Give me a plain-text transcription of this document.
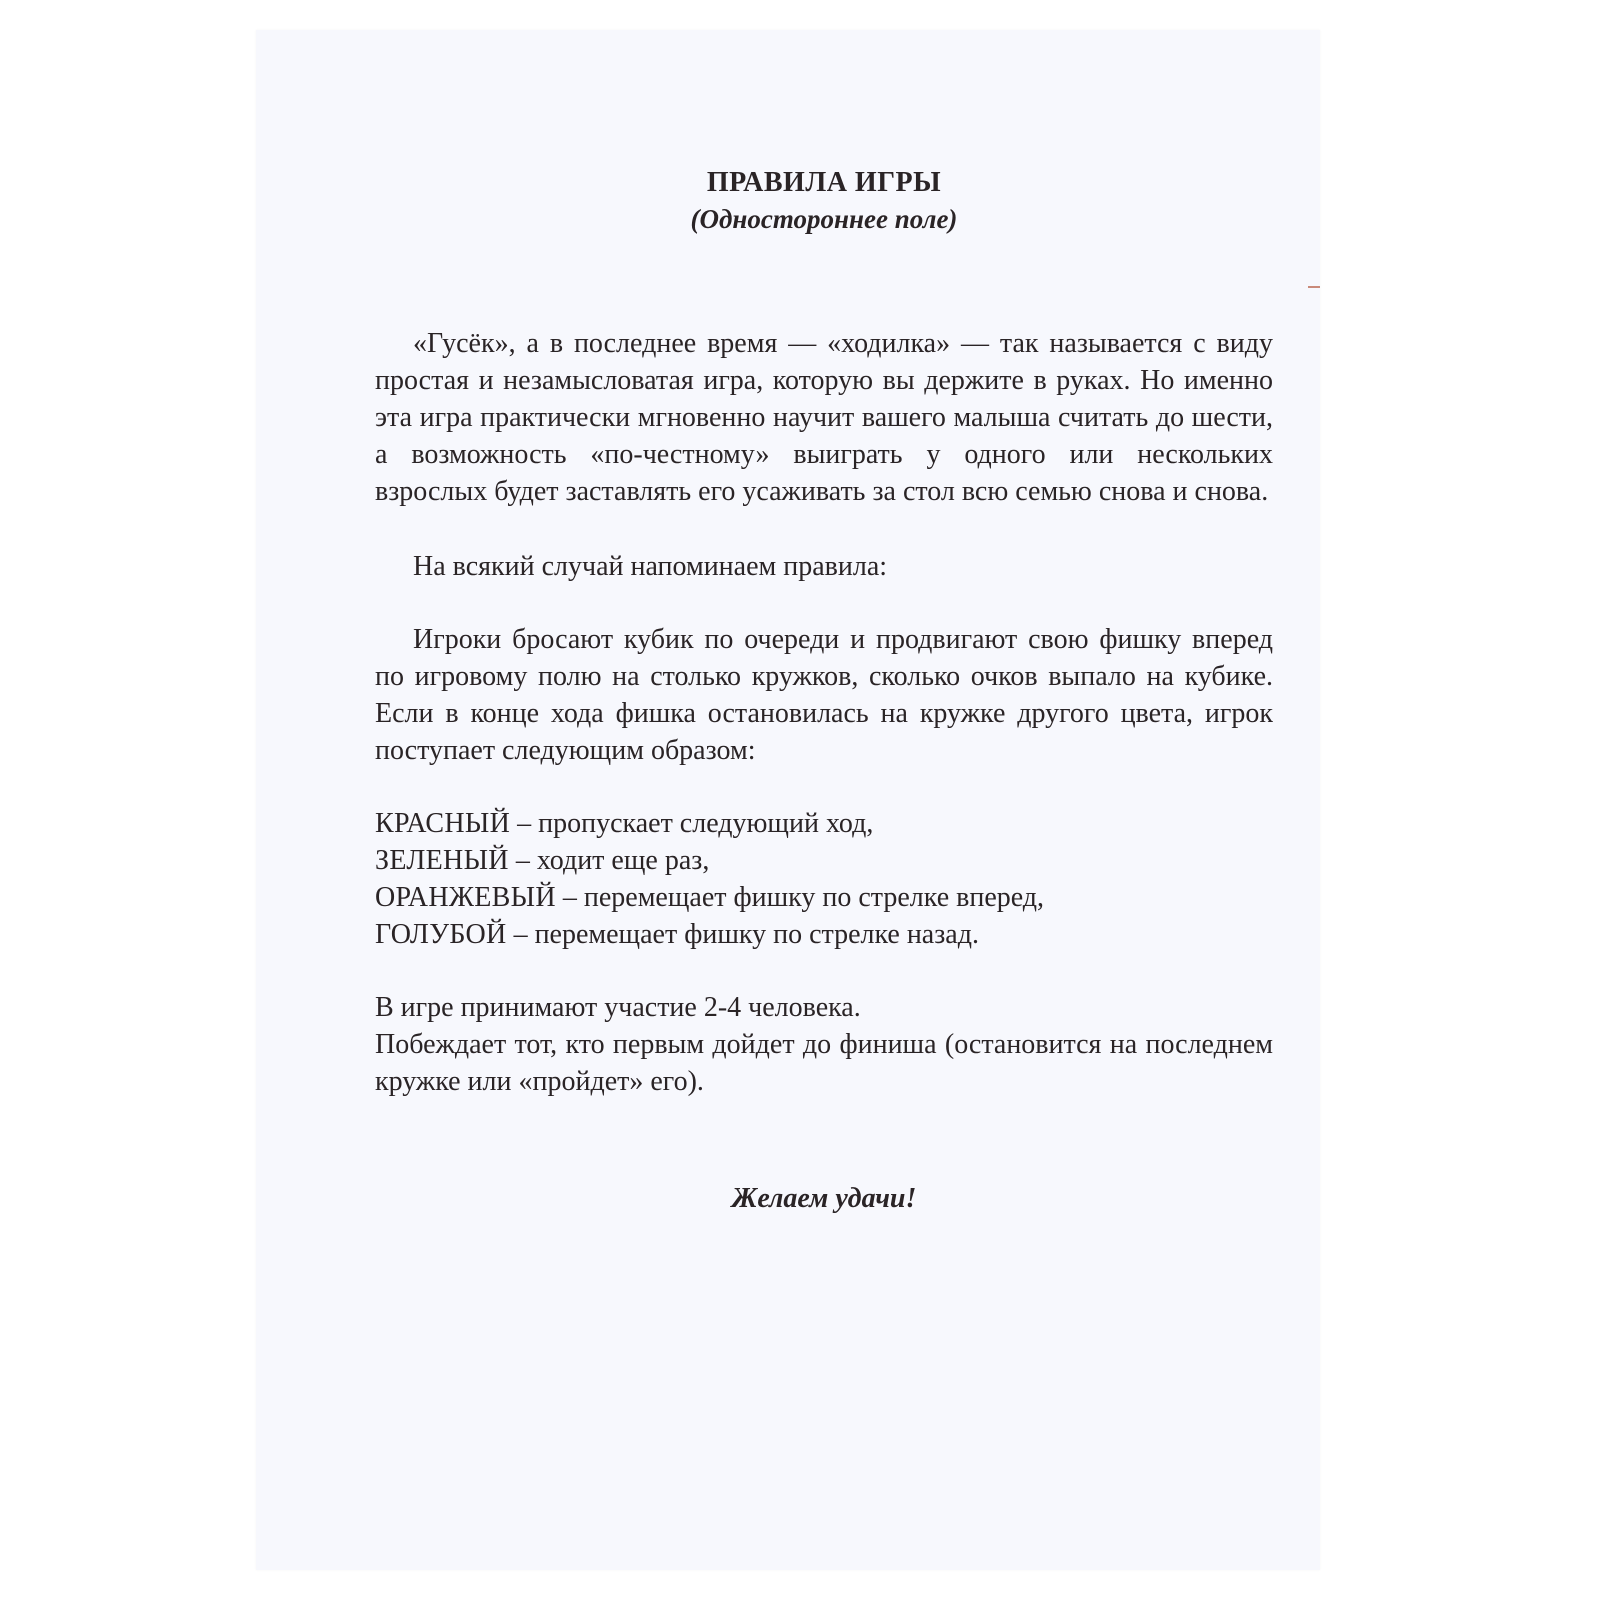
ПРАВИЛА ИГРЫ
(Одностороннее поле)

«Гусёк», а в последнее время — «ходилка» — так называется с виду простая и незамысловатая игра, которую вы держите в руках. Но именно эта игра практически мгновенно научит вашего малыша считать до шести, а возможность «по-честному» выиграть у одного или нескольких взрослых будет заставлять его усаживать за стол всю семью снова и снова.

На всякий случай напоминаем правила:

Игроки бросают кубик по очереди и продвигают свою фишку вперед по игровому полю на столько кружков, сколько очков выпало на кубике. Если в конце хода фишка остановилась на кружке другого цвета, игрок поступает следующим образом:

КРАСНЫЙ – пропускает следующий ход,
ЗЕЛЕНЫЙ – ходит еще раз,
ОРАНЖЕВЫЙ – перемещает фишку по стрелке вперед,
ГОЛУБОЙ – перемещает фишку по стрелке назад.

В игре принимают участие 2-4 человека.

Побеждает тот, кто первым дойдет до финиша (остановится на последнем кружке или «пройдет» его).

Желаем удачи!
